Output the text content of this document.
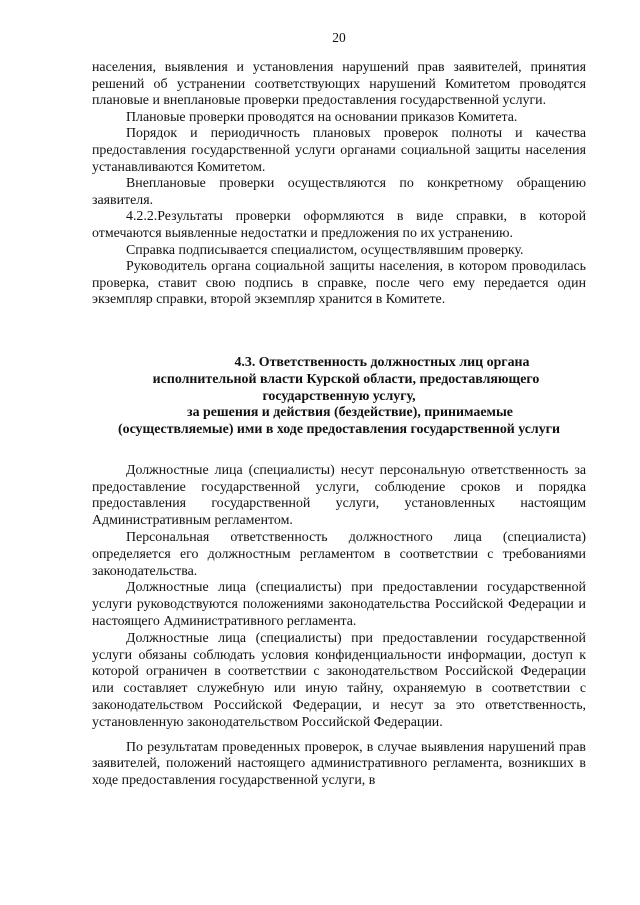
20

населения, выявления и установления нарушений прав заявителей, принятия решений об устранении соответствующих нарушений Комитетом проводятся плановые и внеплановые проверки предоставления государственной услуги.

Плановые проверки проводятся на основании приказов Комитета.

Порядок и периодичность плановых проверок полноты и качества предоставления государственной услуги органами социальной защиты населения устанавливаются Комитетом.

Внеплановые проверки осуществляются по конкретному обращению заявителя.

4.2.2.Результаты проверки оформляются в виде справки, в которой отмечаются выявленные недостатки и предложения по их устранению.

Справка подписывается специалистом, осуществлявшим проверку.

Руководитель органа социальной защиты населения, в котором проводилась проверка, ставит свою подпись в справке, после чего ему передается один экземпляр справки, второй экземпляр хранится в Комитете.

4.3. Ответственность должностных лиц органа
исполнительной власти Курской области, предоставляющего
государственную услугу,
за решения и действия (бездействие), принимаемые
(осуществляемые) ими в ходе предоставления государственной услуги

Должностные лица (специалисты) несут персональную ответственность за предоставление государственной услуги, соблюдение сроков и порядка предоставления государственной услуги, установленных настоящим Административным регламентом.

Персональная ответственность должностного лица (специалиста) определяется его должностным регламентом в соответствии с требованиями законодательства.

Должностные лица (специалисты) при предоставлении государственной услуги руководствуются положениями законодательства Российской Федерации и настоящего Административного регламента.

Должностные лица (специалисты) при предоставлении государственной услуги обязаны соблюдать условия конфиденциальности информации, доступ к которой ограничен в соответствии с законодательством Российской Федерации или составляет служебную или иную тайну, охраняемую в соответствии с законодательством Российской Федерации, и несут за это ответственность, установленную законодательством Российской Федерации.

По результатам проведенных проверок, в случае выявления нарушений прав заявителей, положений настоящего административного регламента, возникших в ходе предоставления государственной услуги, в
